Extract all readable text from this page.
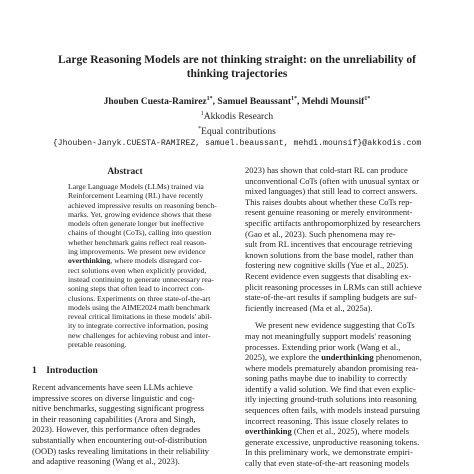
Large Reasoning Models are not thinking straight: on the unreliability of
thinking trajectories
Jhouben Cuesta-Ramirez$^{1*}$, Samuel Beaussant$^{1*}$, Mehdi Mounsif$^{1*}$
$^1$Akkodis Research
*Equal contributions
{Jhouben-Janyk.CUESTA-RAMIREZ, samuel.beaussant, mehdi.mounsif}@akkodis.com
Abstract
Large Language Models (LLMs) trained via
Reinforcement Learning (RL) have recently
achieved impressive results on reasoning bench-
marks. Yet, growing evidence shows that these
models often generate longer but ineffective
chains of thought (CoTs), calling into question
whether benchmark gains reflect real reason-
ing improvements. We present new evidence
overthinking, where models disregard cor-
rect solutions even when explicitly provided,
instead continuing to generate unnecessary rea-
soning steps that often lead to incorrect con-
clusions. Experiments on three state-of-the-art
models using the AIME2024 math benchmark
reveal critical limitations in these models' abil-
ity to integrate corrective information, posing
new challenges for achieving robust and inter-
pretable reasoning.
1    Introduction
Recent advancements have seen LLMs achieve
impressive scores on diverse linguistic and cog-
nitive benchmarks, suggesting significant progress
in their reasoning capabilities (Arora and Singh,
2023). However, this performance often degrades
substantially when encountering out-of-distribution
(OOD) tasks revealing limitations in their reliability
and adaptive reasoning (Wang et al., 2023).
2023) has shown that cold-start RL can produce
unconventional CoTs (often with unusual syntax or
mixed languages) that still lead to correct answers.
This raises doubts about whether these CoTs rep-
resent genuine reasoning or merely environment-
specific artifacts anthropomorphized by researchers
(Gao et al., 2023). Such phenomena may re-
sult from RL incentives that encourage retrieving
known solutions from the base model, rather than
fostering new cognitive skills (Yue et al., 2025).
Recent evidence even suggests that disabling ex-
plicit reasoning processes in LRMs can still achieve
state-of-the-art results if sampling budgets are suf-
ficiently increased (Ma et al., 2025a).
We present new evidence suggesting that CoTs
may not meaningfully support models' reasoning
processes. Extending prior work (Wang et al.,
2025), we explore the underthinking phenomenon,
where models prematurely abandon promising rea-
soning paths maybe due to inability to correctly
identify a valid solution. We find that even explic-
itly injecting ground-truth solutions into reasoning
sequences often fails, with models instead pursuing
incorrect reasoning. This issue closely relates to
overthinking (Chen et al., 2025), where models
generate excessive, unproductive reasoning tokens.
In this preliminary work, we demonstrate empiri-
cally that even state-of-the-art reasoning models
